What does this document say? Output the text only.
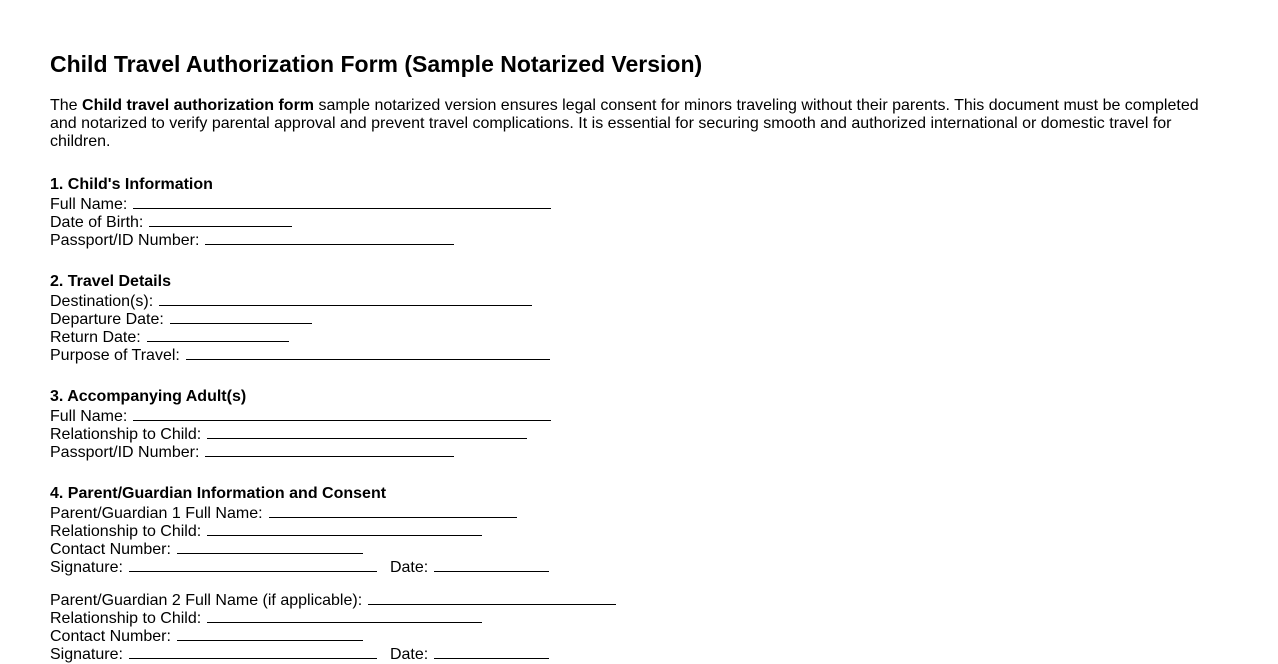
Child Travel Authorization Form (Sample Notarized Version)

The Child travel authorization form sample notarized version ensures legal consent for minors traveling without their parents. This document must be completed and notarized to verify parental approval and prevent travel complications. It is essential for securing smooth and authorized international or domestic travel for children.

1. Child's Information
Full Name:
Date of Birth:
Passport/ID Number:
2. Travel Details
Destination(s):
Departure Date:
Return Date:
Purpose of Travel:
3. Accompanying Adult(s)
Full Name:
Relationship to Child:
Passport/ID Number:
4. Parent/Guardian Information and Consent
Parent/Guardian 1 Full Name:
Relationship to Child:
Contact Number:
Signature:	Date:
Parent/Guardian 2 Full Name (if applicable):
Relationship to Child:
Contact Number:
Signature:	Date:
